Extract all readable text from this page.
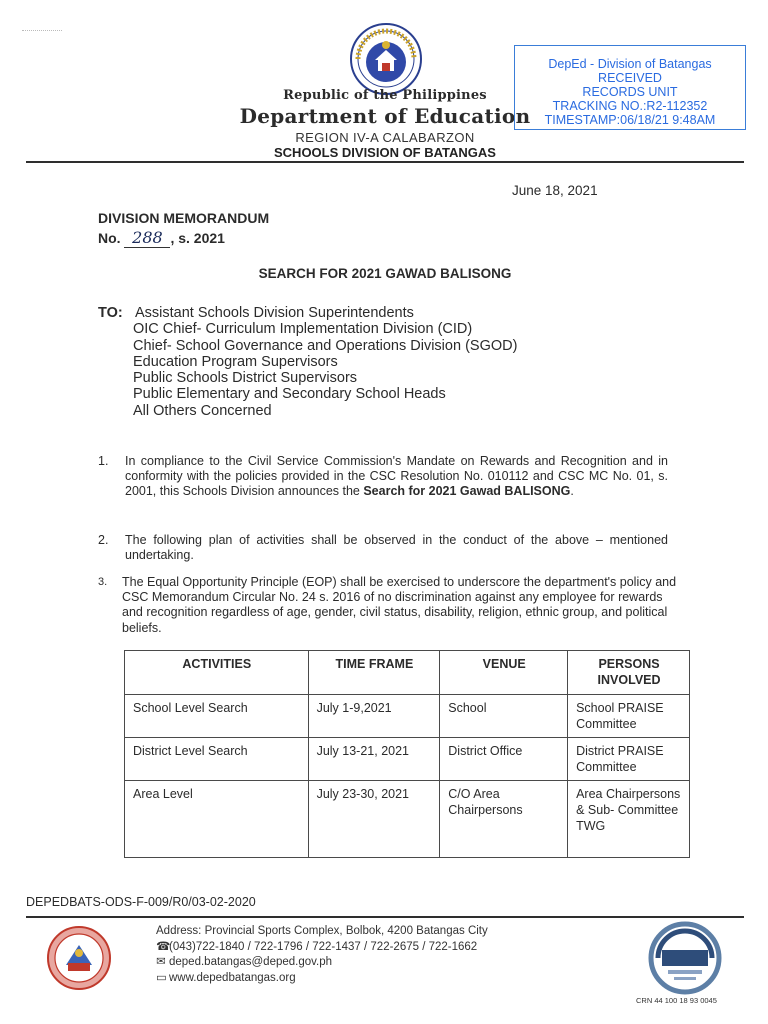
Republic of the Philippines
Department of Education
REGION IV-A CALABARZON
SCHOOLS DIVISION OF BATANGAS
DepEd - Division of Batangas
RECEIVED
RECORDS UNIT
TRACKING NO.:R2-112352
TIMESTAMP:06/18/21 9:48AM
June 18, 2021
DIVISION MEMORANDUM
No. 288 , s. 2021
SEARCH FOR 2021 GAWAD BALISONG
TO: Assistant Schools Division Superintendents
OIC Chief- Curriculum Implementation Division (CID)
Chief- School Governance and Operations Division (SGOD)
Education Program Supervisors
Public Schools District Supervisors
Public Elementary and Secondary School Heads
All Others Concerned
1. In compliance to the Civil Service Commission's Mandate on Rewards and Recognition and in conformity with the policies provided in the CSC Resolution No. 010112 and CSC MC No. 01, s. 2001, this Schools Division announces the Search for 2021 Gawad BALISONG.
2. The following plan of activities shall be observed in the conduct of the above – mentioned undertaking.
3. The Equal Opportunity Principle (EOP) shall be exercised to underscore the department's policy and CSC Memorandum Circular No. 24 s. 2016 of no discrimination against any employee for rewards and recognition regardless of age, gender, civil status, disability, religion, ethnic group, and political beliefs.
ACTIVITIES	TIME FRAME	VENUE	PERSONS INVOLVED
School Level Search	July 1-9,2021	School	School PRAISE Committee
District Level Search	July 13-21, 2021	District Office	District PRAISE Committee
Area Level	July 23-30, 2021	C/O Area Chairpersons	Area Chairpersons & Sub- Committee TWG
DEPEDBATS-ODS-F-009/R0/03-02-2020
Address: Provincial Sports Complex, Bolbok, 4200 Batangas City
☎(043)722-1840 / 722-1796 / 722-1437 / 722-2675 / 722-1662
✉ deped.batangas@deped.gov.ph
▭ www.depedbatangas.org
CRN 44 100 18 93 0045
